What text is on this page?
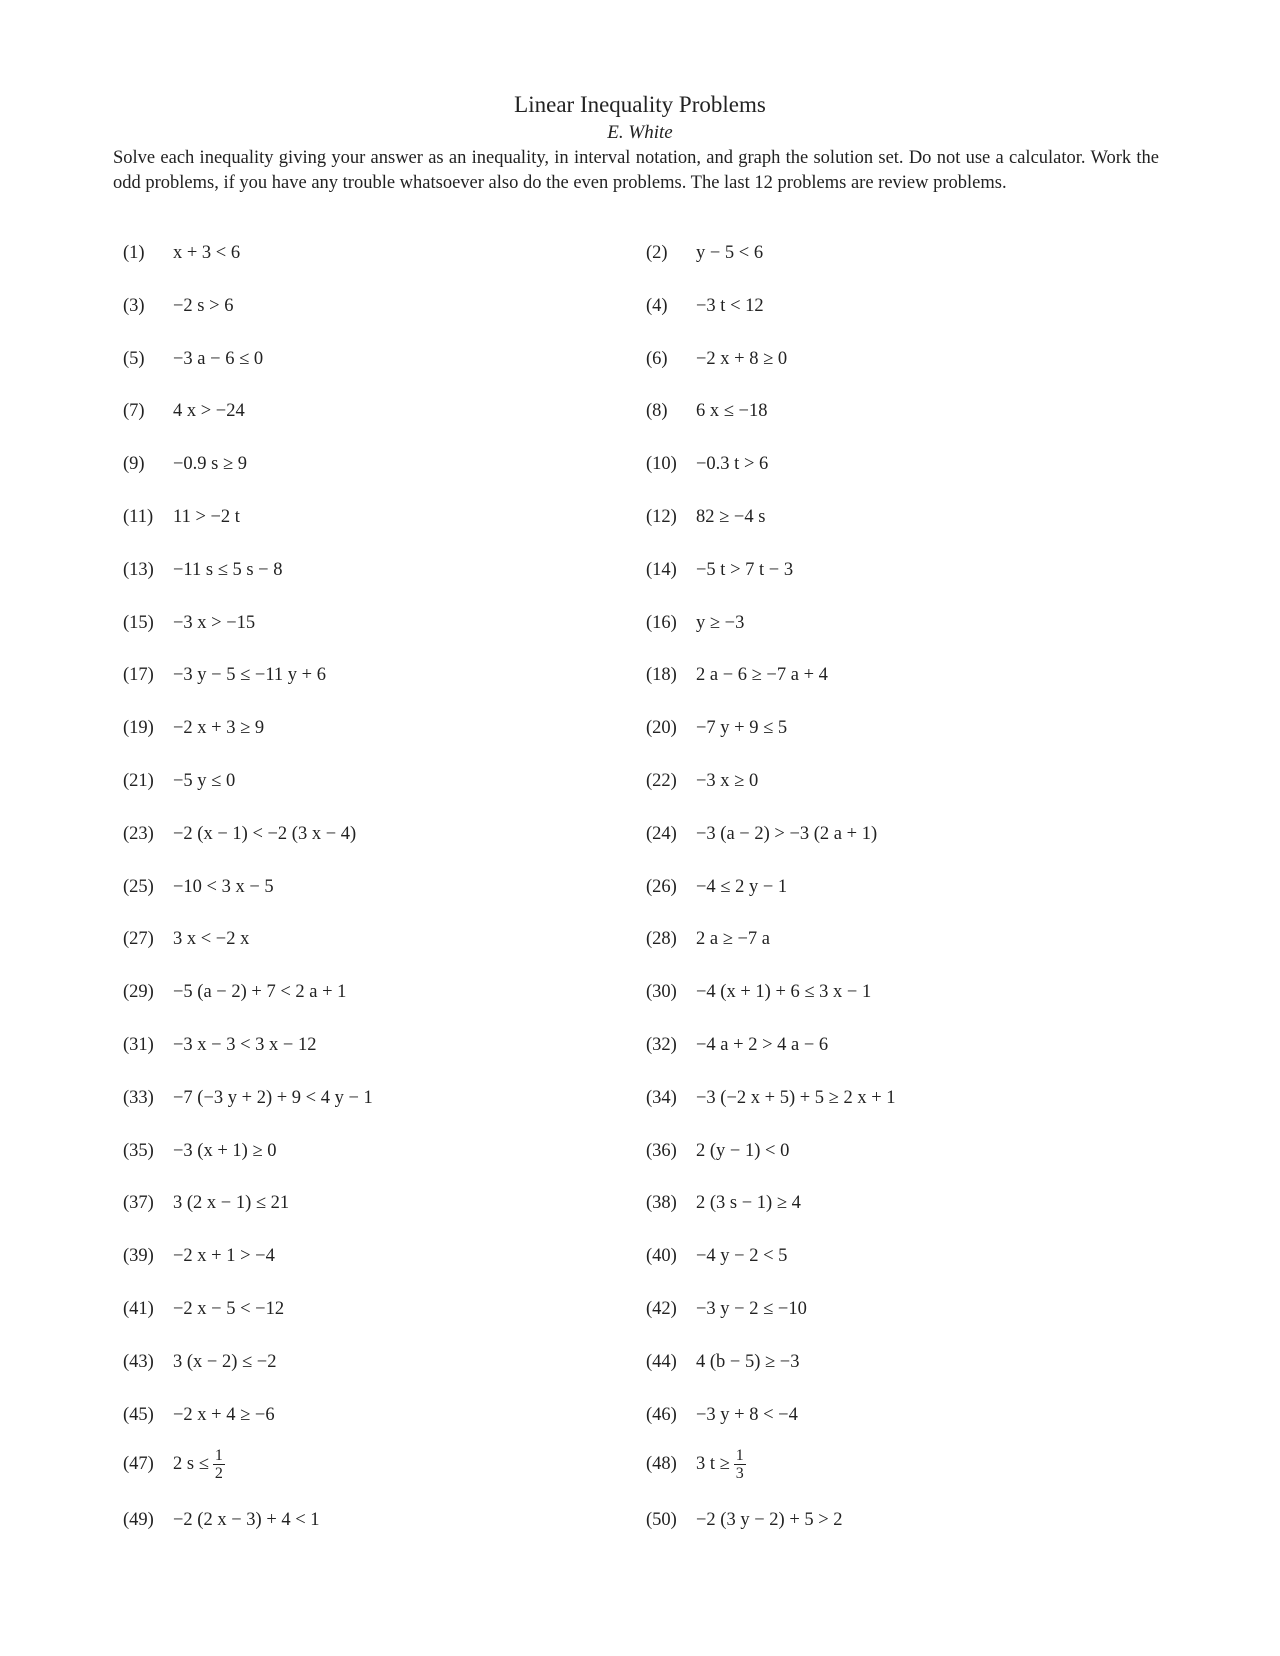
Linear Inequality Problems
E. White
Solve each inequality giving your answer as an inequality, in interval notation, and graph the solution set. Do not use a calculator. Work the odd problems, if you have any trouble whatsoever also do the even problems. The last 12 problems are review problems.
(1)	x + 3 < 6	(2)	y − 5 < 6
(3)	−2 s > 6	(4)	−3 t < 12
(5)	−3 a − 6 ≤ 0	(6)	−2 x + 8 ≥ 0
(7)	4 x > −24	(8)	6 x ≤ −18
(9)	−0.9 s ≥ 9	(10)	−0.3 t > 6
(11)	11 > −2 t	(12)	82 ≥ −4 s
(13)	−11 s ≤ 5 s − 8	(14)	−5 t > 7 t − 3
(15)	−3 x > −15	(16)	y ≥ −3
(17)	−3 y − 5 ≤ −11 y + 6	(18)	2 a − 6 ≥ −7 a + 4
(19)	−2 x + 3 ≥ 9	(20)	−7 y + 9 ≤ 5
(21)	−5 y ≤ 0	(22)	−3 x ≥ 0
(23)	−2 (x − 1) < −2 (3 x − 4)	(24)	−3 (a − 2) > −3 (2 a + 1)
(25)	−10 < 3 x − 5	(26)	−4 ≤ 2 y − 1
(27)	3 x < −2 x	(28)	2 a ≥ −7 a
(29)	−5 (a − 2) + 7 < 2 a + 1	(30)	−4 (x + 1) + 6 ≤ 3 x − 1
(31)	−3 x − 3 < 3 x − 12	(32)	−4 a + 2 > 4 a − 6
(33)	−7 (−3 y + 2) + 9 < 4 y − 1	(34)	−3 (−2 x + 5) + 5 ≥ 2 x + 1
(35)	−3 (x + 1) ≥ 0	(36)	2 (y − 1) < 0
(37)	3 (2 x − 1) ≤ 21	(38)	2 (3 s − 1) ≥ 4
(39)	−2 x + 1 > −4	(40)	−4 y − 2 < 5
(41)	−2 x − 5 < −12	(42)	−3 y − 2 ≤ −10
(43)	3 (x − 2) ≤ −2	(44)	4 (b − 5) ≥ −3
(45)	−2 x + 4 ≥ −6	(46)	−3 y + 8 < −4
(47)	2 $s \le \frac{1}{2}$	(48)	3 $t \ge \frac{1}{3}$
(49)	−2 (2 x − 3) + 4 < 1	(50)	−2 (3 y − 2) + 5 > 2
